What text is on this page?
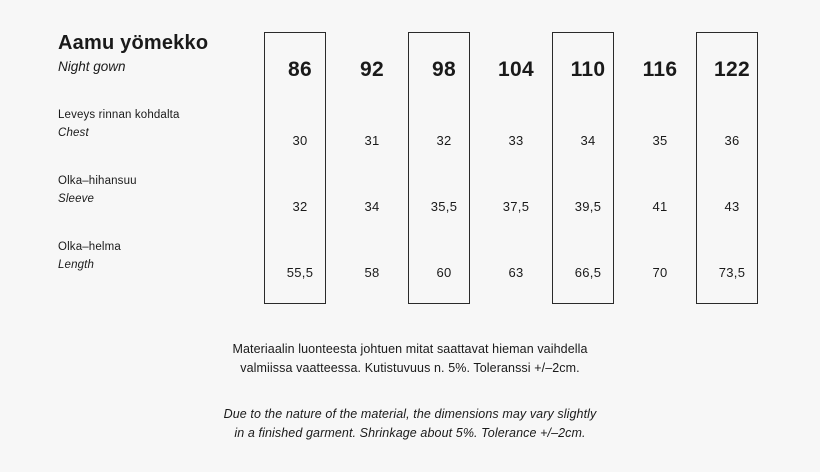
Aamu yömekko
Night gown	86	92	98	104	110	116	122

Leveys rinnan kohdalta
Chest	30	31	32	33	34	35	36

Olka–hihansuu
Sleeve	32	34	35,5	37,5	39,5	41	43

Olka–helma
Length	55,5	58	60	63	66,5	70	73,5
Materiaalin luonteesta johtuen mitat saattavat hieman vaihdella
valmiissa vaatteessa. Kutistuvuus n. 5%. Toleranssi +/–2cm.
Due to the nature of the material, the dimensions may vary slightly
in a finished garment. Shrinkage about 5%. Tolerance +/–2cm.
